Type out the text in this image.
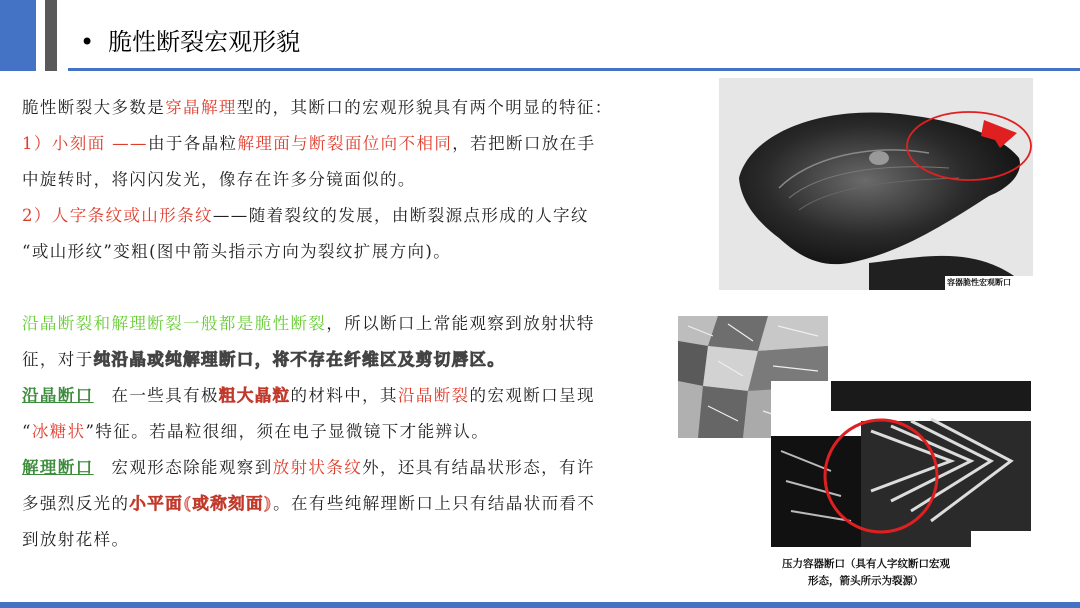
• 脆性断裂宏观形貌
脆性断裂大多数是穿晶解理型的，其断口的宏观形貌具有两个明显的特征：
1）小刻面 ——由于各晶粒解理面与断裂面位向不相同，若把断口放在手
中旋转时，将闪闪发光，像存在许多分镜面似的。
2）人字条纹或山形条纹——随着裂纹的发展，由断裂源点形成的人字纹
“或山形纹”变粗(图中箭头指示方向为裂纹扩展方向)。
沿晶断裂和解理断裂一般都是脆性断裂，所以断口上常能观察到放射状特
征，对于纯沿晶或纯解理断口，将不存在纤维区及剪切唇区。
沿晶断口　在一些具有极粗大晶粒的材料中，其沿晶断裂的宏观断口呈现
“冰糖状”特征。若晶粒很细，须在电子显微镜下才能辨认。
解理断口　宏观形态除能观察到放射状条纹外，还具有结晶状形态，有许
多强烈反光的小平面(或称刻面)。在有些纯解理断口上只有结晶状而看不
到放射花样。
容器脆性宏观断口
压力容器断口（具有人字纹断口宏观
形态，箭头所示为裂源）
